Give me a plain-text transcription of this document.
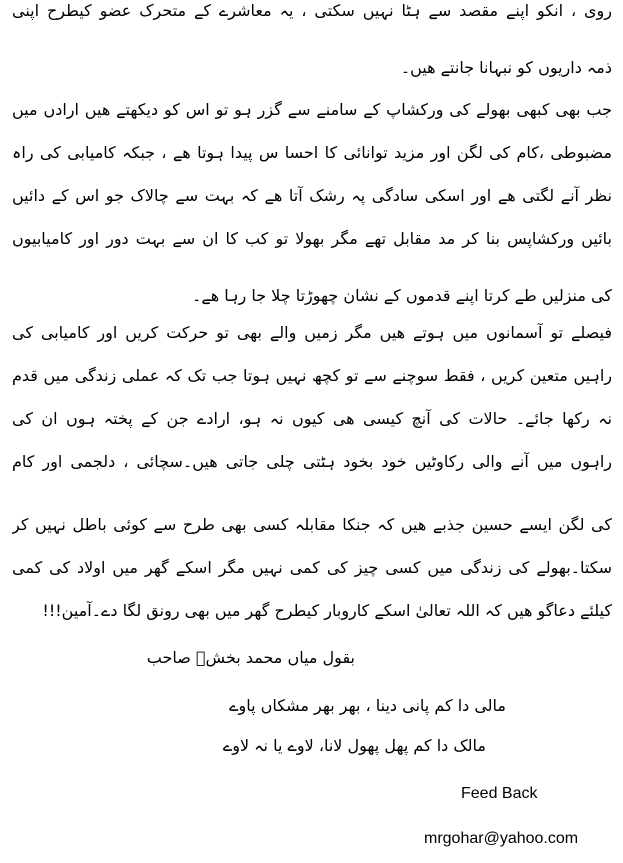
روی ، انکو اپنے مقصد سے ہٹا نہیں سکتی ، یہ معاشرے کے متحرک عضو کیطرح اپنی
ذمہ داریوں کو نبہانا جانتے ھیں۔
جب بھی کبھی بھولے کی ورکشاپ کے سامنے سے گزر ہو تو اس کو دیکھتے ھیں ارادں میں
مضبوطی ،کام کی لگن اور مزید توانائی کا احسا س پیدا ہوتا ھے ، جبکہ کامیابی کی راہ
نظر آنے لگتی ھے اور اسکی سادگی پہ رشک آتا ھے کہ بہت سے چالاک جو اس کے دائیں
بائیں ورکشاپس بنا کر مد مقابل تھے مگر بھولا تو کب کا ان سے بہت دور اور کامیابیوں
کی منزلیں طے کرتا اپنے قدموں کے نشان چھوڑتا چلا جا رہا ھے۔
فیصلے تو آسمانوں میں ہوتے ھیں مگر زمیں والے بھی تو حرکت کریں اور کامیابی کی
راہیں متعین کریں ، فقط سوچنے سے تو کچھ نہیں ہوتا جب تک کہ عملی زندگی میں قدم
نہ رکھا جائے۔ حالات کی آنچ کیسی ھی کیوں نہ ہو، ارادے جن کے پختہ ہوں ان کی
راہوں میں آنے والی رکاوٹیں خود بخود ہٹتی چلی جاتی ھیں۔سچائی ، دلجمی اور کام
کی لگن ایسے حسین جذبے ھیں کہ جنکا مقابلہ کسی بھی طرح سے کوئی باطل نہیں کر
سکتا۔بھولے کی زندگی میں کسی چیز کی کمی نہیں مگر اسکے گھر میں اولاد کی کمی
کیلئے دعاگو ھیں کہ اللہ تعالیٰ اسکے کاروبار کیطرح گھر میں بھی رونق لگا دے۔آمین!!!
بقول میاں محمد بخشؒ صاحب
مالی دا کم پانی دینا ، بھر بھر مشکاں پاوے
مالک دا کم پھل پھول لانا، لاوے یا نہ لاوے
Feed Back
mrgohar@yahoo.com
